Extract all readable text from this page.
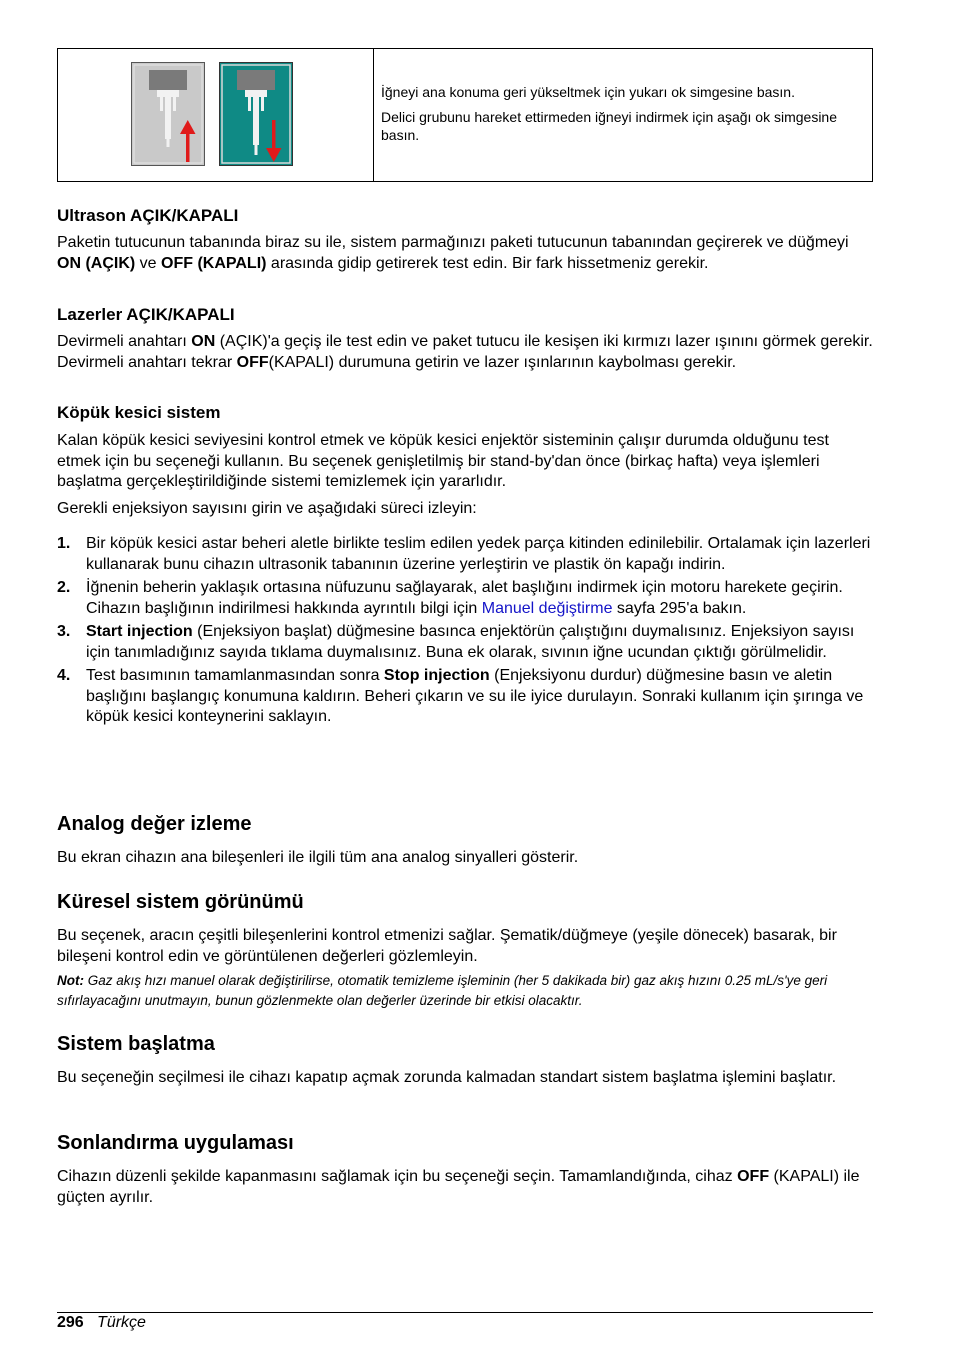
İğneyi ana konuma geri yükseltmek için yukarı ok simgesine basın.

Delici grubunu hareket ettirmeden iğneyi indirmek için aşağı ok simgesine basın.

Ultrason AÇIK/KAPALI

Paketin tutucunun tabanında biraz su ile, sistem parmağınızı paketi tutucunun tabanından geçirerek ve düğmeyi ON (AÇIK) ve OFF (KAPALI) arasında gidip getirerek test edin. Bir fark hissetmeniz gerekir.

Lazerler AÇIK/KAPALI

Devirmeli anahtarı ON (AÇIK)'a geçiş ile test edin ve paket tutucu ile kesişen iki kırmızı lazer ışınını görmek gerekir. Devirmeli anahtarı tekrar OFF(KAPALI) durumuna getirin ve lazer ışınlarının kaybolması gerekir.

Köpük kesici sistem

Kalan köpük kesici seviyesini kontrol etmek ve köpük kesici enjektör sisteminin çalışır durumda olduğunu test etmek için bu seçeneği kullanın. Bu seçenek genişletilmiş bir stand-by'dan önce (birkaç hafta) veya işlemleri başlatma gerçekleştirildiğinde sistemi temizlemek için yararlıdır.

Gerekli enjeksiyon sayısını girin ve aşağıdaki süreci izleyin:

1. Bir köpük kesici astar beheri aletle birlikte teslim edilen yedek parça kitinden edinilebilir. Ortalamak için lazerleri kullanarak bunu cihazın ultrasonik tabanının üzerine yerleştirin ve plastik ön kapağı indirin.
2. İğnenin beherin yaklaşık ortasına nüfuzunu sağlayarak, alet başlığını indirmek için motoru harekete geçirin. Cihazın başlığının indirilmesi hakkında ayrıntılı bilgi için Manuel değiştirme sayfa 295'a bakın.
3. Start injection (Enjeksiyon başlat) düğmesine basınca enjektörün çalıştığını duymalısınız. Enjeksiyon sayısı için tanımladığınız sayıda tıklama duymalısınız. Buna ek olarak, sıvının iğne ucundan çıktığı görülmelidir.
4. Test basımının tamamlanmasından sonra Stop injection (Enjeksiyonu durdur) düğmesine basın ve aletin başlığını başlangıç konumuna kaldırın. Beheri çıkarın ve su ile iyice durulayın. Sonraki kullanım için şırınga ve köpük kesici konteynerini saklayın.
Analog değer izleme

Bu ekran cihazın ana bileşenleri ile ilgili tüm ana analog sinyalleri gösterir.

Küresel sistem görünümü

Bu seçenek, aracın çeşitli bileşenlerini kontrol etmenizi sağlar. Şematik/düğmeye (yeşile dönecek) basarak, bir bileşeni kontrol edin ve görüntülenen değerleri gözlemleyin.

Not: Gaz akış hızı manuel olarak değiştirilirse, otomatik temizleme işleminin (her 5 dakikada bir) gaz akış hızını 0.25 mL/s'ye geri sıfırlayacağını unutmayın, bunun gözlenmekte olan değerler üzerinde bir etkisi olacaktır.

Sistem başlatma

Bu seçeneğin seçilmesi ile cihazı kapatıp açmak zorunda kalmadan standart sistem başlatma işlemini başlatır.

Sonlandırma uygulaması

Cihazın düzenli şekilde kapanmasını sağlamak için bu seçeneği seçin. Tamamlandığında, cihaz OFF (KAPALI) ile güçten ayrılır.

296 Türkçe
